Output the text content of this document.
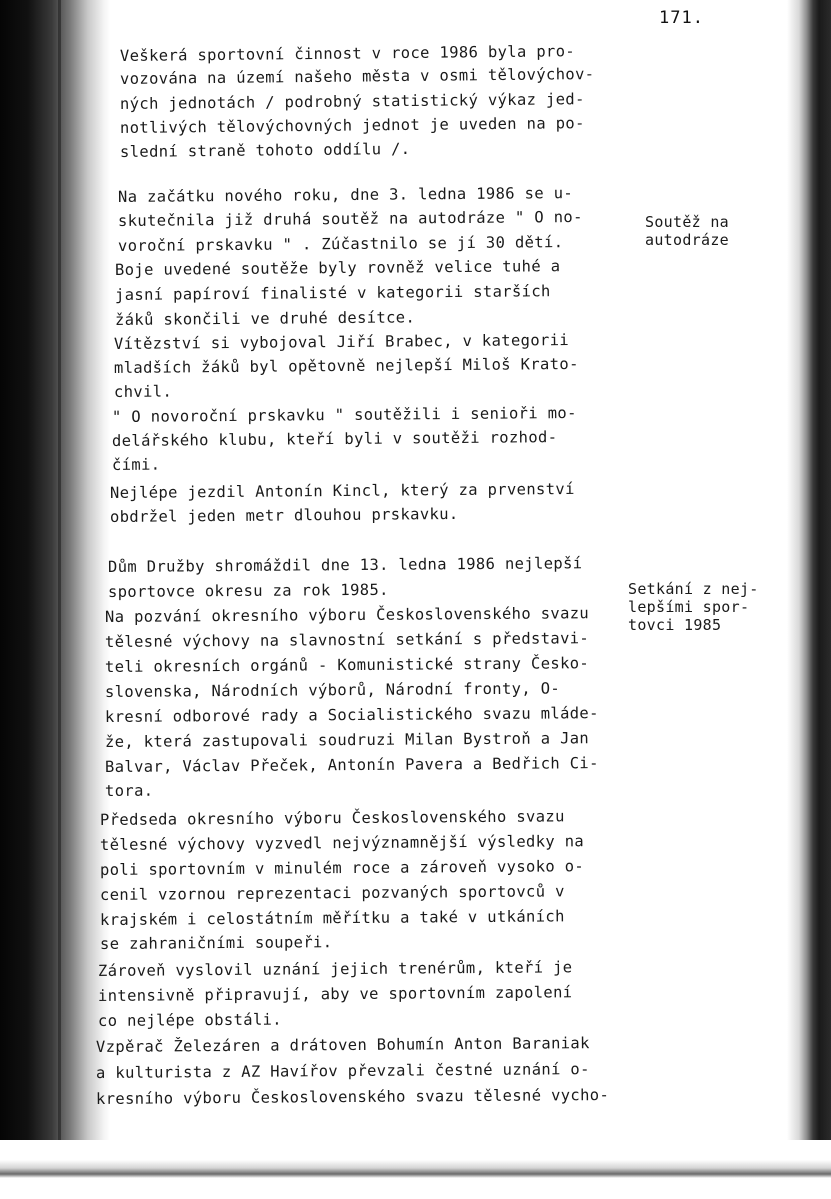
171.
Veškerá sportovní činnost v roce 1986 byla pro-
vozována na území našeho města v osmi tělovýchov-
ných jednotách / podrobný statistický výkaz jed-
notlivých tělovýchovných jednot je uveden na po-
slední straně tohoto oddílu /.
Na začátku nového roku, dne 3. ledna 1986 se u-
skutečnila již druhá soutěž na autodráze " O no-
voroční prskavku " . Zúčastnilo se jí 30 dětí.
Boje uvedené soutěže byly rovněž velice tuhé a
jasní papíroví finalisté v kategorii starších
žáků skončili ve druhé desítce.
Vítězství si vybojoval Jiří Brabec, v kategorii
mladších žáků byl opětovně nejlepší Miloš Krato-
chvil.
" O novoroční prskavku " soutěžili i senioři mo-
delářského klubu, kteří byli v soutěži rozhod-
čími.
Nejlépe jezdil Antonín Kincl, který za prvenství
obdržel jeden metr dlouhou prskavku.
Dům Družby shromáždil dne 13. ledna 1986 nejlepší
sportovce okresu za rok 1985.
Na pozvání okresního výboru Československého svazu
tělesné výchovy na slavnostní setkání s představi-
teli okresních orgánů - Komunistické strany Česko-
slovenska, Národních výborů, Národní fronty, O-
kresní odborové rady a Socialistického svazu mláde-
že, která zastupovali soudruzi Milan Bystroň a Jan
Balvar, Václav Přeček, Antonín Pavera a Bedřich Ci-
tora.
Předseda okresního výboru Československého svazu
tělesné výchovy vyzvedl nejvýznamnější výsledky na
poli sportovním v minulém roce a zároveň vysoko o-
cenil vzornou reprezentaci pozvaných sportovců v
krajském i celostátním měřítku a také v utkáních
se zahraničními soupeři.
Zároveň vyslovil uznání jejich trenérům, kteří je
intensivně připravují, aby ve sportovním zapolení
co nejlépe obstáli.
Vzpěrač Železáren a drátoven Bohumín Anton Baraniak
a kulturista z AZ Havířov převzali čestné uznání o-
kresního výboru Československého svazu tělesné vycho-
Soutěž na
autodráze
Setkání z nej-
lepšími spor-
tovci 1985
